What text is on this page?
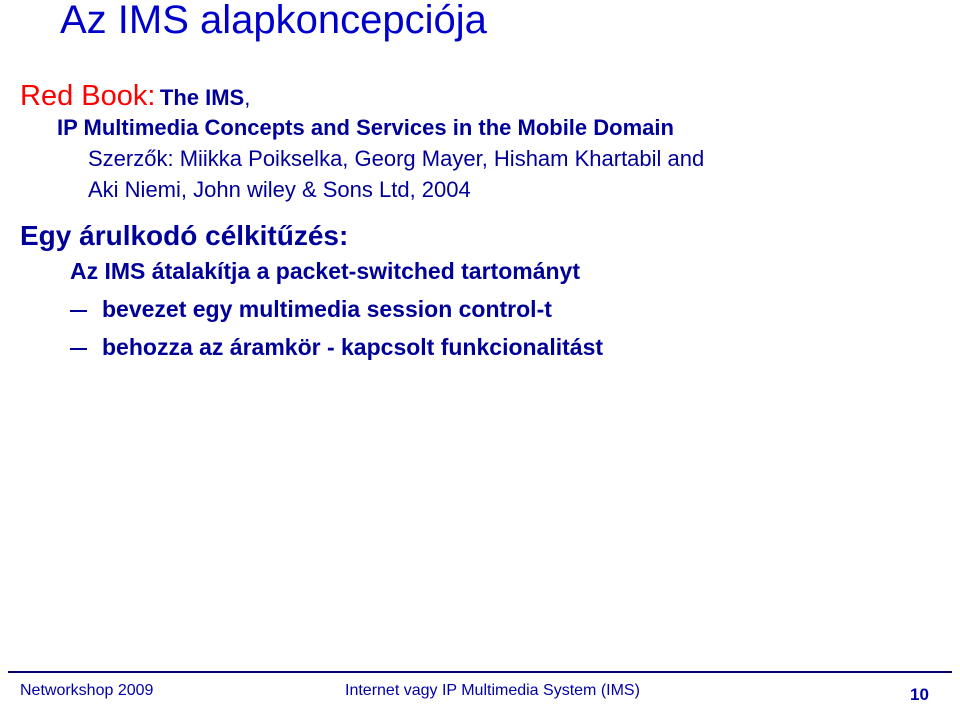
Az IMS alapkoncepciója
Red Book: The IMS,
IP Multimedia Concepts and Services in the Mobile Domain
Szerzők: Miikka Poikselka, Georg Mayer, Hisham Khartabil and
Aki Niemi, John wiley & Sons Ltd, 2004
Egy árulkodó célkitűzés:
Az IMS átalakítja a packet-switched tartományt
bevezet egy multimedia session control-t
behozza az áramkör - kapcsolt funkcionalitást
Networkshop 2009	Internet vagy IP Multimedia System (IMS)	10
